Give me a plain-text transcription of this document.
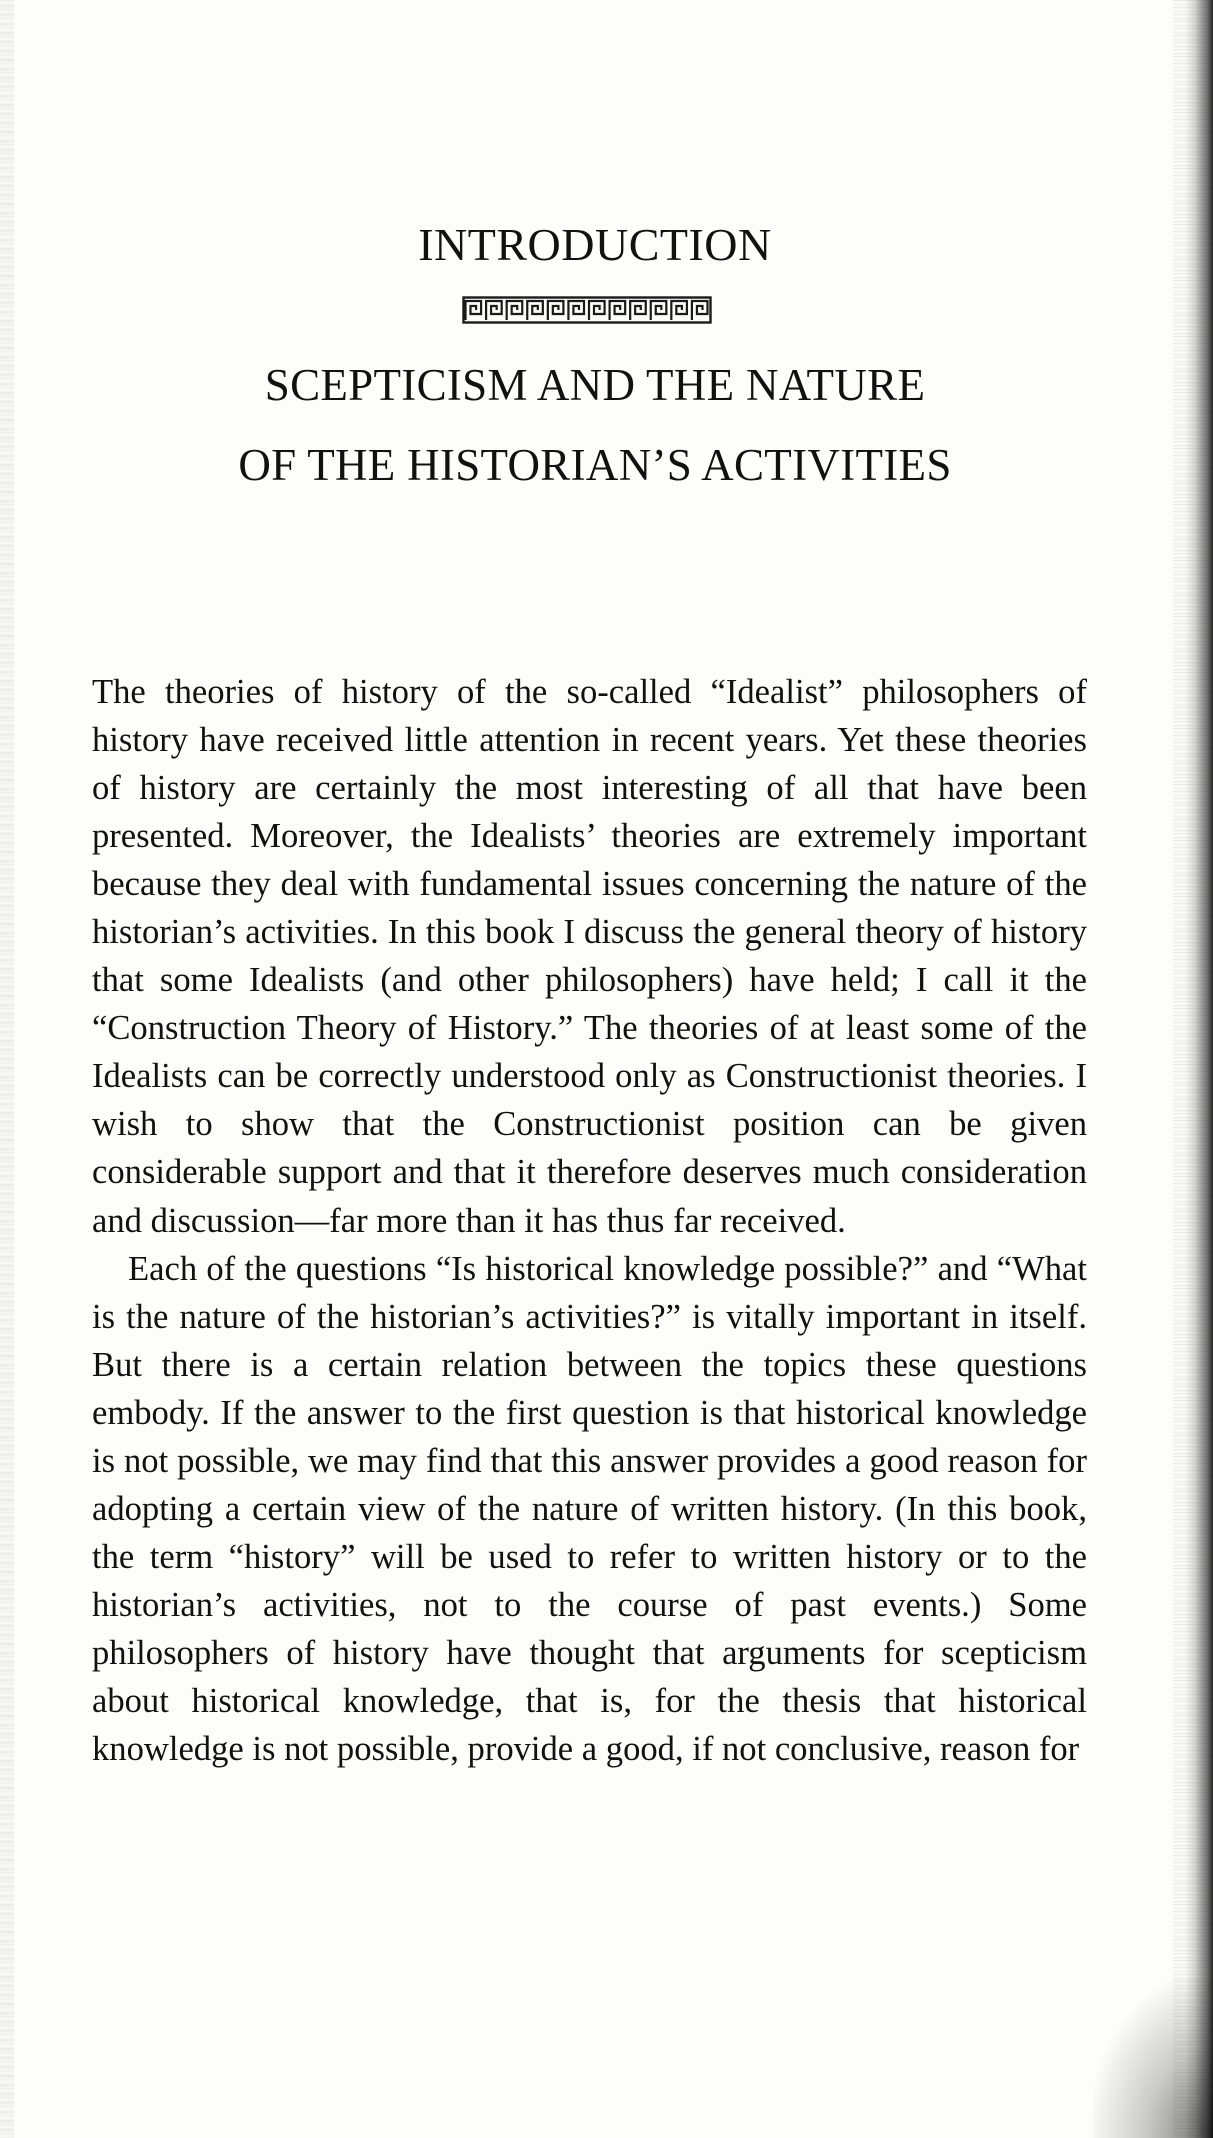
INTRODUCTION
SCEPTICISM AND THE NATURE
OF THE HISTORIAN’S ACTIVITIES

The theories of history of the so-called “Idealist” philosophers of history have received little attention in recent years. Yet these theories of history are certainly the most interesting of all that have been presented. Moreover, the Idealists’ theories are extremely important because they deal with fundamental issues concerning the nature of the historian’s activities. In this book I discuss the general theory of history that some Idealists (and other philosophers) have held; I call it the “Construction Theory of History.” The theories of at least some of the Idealists can be correctly understood only as Constructionist theories. I wish to show that the Constructionist position can be given considerable support and that it therefore deserves much consideration and discussion—far more than it has thus far received.

Each of the questions “Is historical knowledge possible?” and “What is the nature of the historian’s activities?” is vitally important in itself. But there is a certain relation between the topics these questions embody. If the answer to the first question is that historical knowledge is not possible, we may find that this answer provides a good reason for adopting a certain view of the nature of written history. (In this book, the term “history” will be used to refer to written history or to the historian’s activities, not to the course of past events.) Some philosophers of history have thought that arguments for scepticism about historical knowledge, that is, for the thesis that historical knowledge is not possible, provide a good, if not conclusive, reason for
